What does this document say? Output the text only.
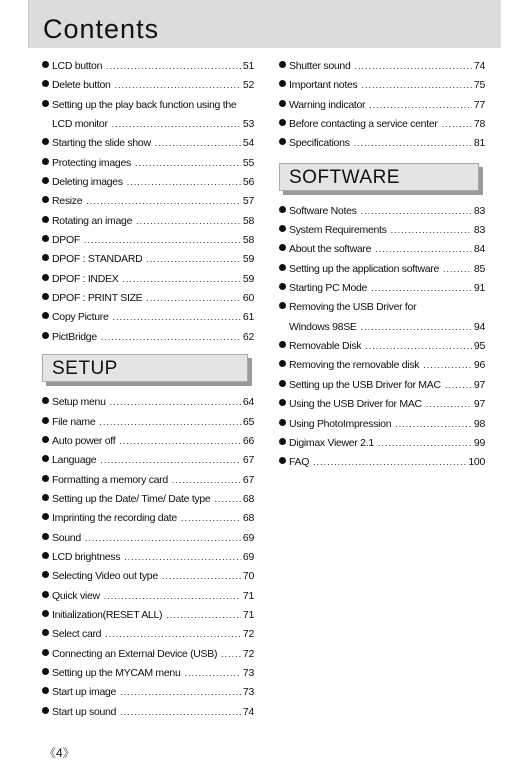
Contents
LCD button .....	51
Delete button .....	52
Setting up the play back function using the
LCD monitor .....	53
Starting the slide show .....	54
Protecting images .....	55
Deleting images .....	56
Resize .....	57
Rotating an image .....	58
DPOF .....	58
DPOF : STANDARD .....	59
DPOF : INDEX .....	59
DPOF : PRINT SIZE .....	60
Copy Picture .....	61
PictBridge .....	62
SETUP
Setup menu .....	64
File name .....	65
Auto power off .....	66
Language .....	67
Formatting a memory card .....	67
Setting up the Date/ Time/ Date type .....	68
Imprinting the recording date .....	68
Sound .....	69
LCD brightness .....	69
Selecting Video out type .....	70
Quick view .....	71
Initialization(RESET ALL) .....	71
Select card .....	72
Connecting an External Device (USB) ..... 72
Setting up the MYCAM menu .....	73
Start up image .....	73
Start up sound .....	74
Shutter sound .....	74
Important notes .....	75
Warning indicator .....	77
Before contacting a service center .....	78
Specifications .....	81
SOFTWARE
Software Notes .....	83
System Requirements .....	83
About the software .....	84
Setting up the application software .....	85
Starting PC Mode .....	91
Removing the USB Driver for
Windows 98SE .....	94
Removable Disk .....	95
Removing the removable disk .....	96
Setting up the USB Driver for MAC .....	97
Using the USB Driver for MAC .....	97
Using PhotoImpression .....	98
Digimax Viewer 2.1 .....	99
FAQ .....	100
《4》
